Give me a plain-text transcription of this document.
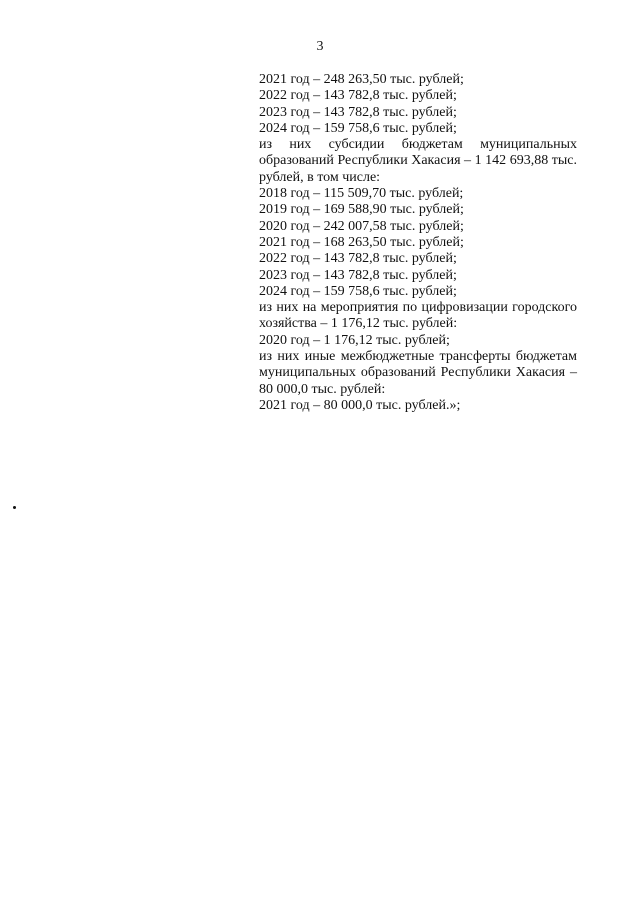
3
2021 год – 248 263,50 тыс. рублей;
2022 год – 143 782,8 тыс. рублей;
2023 год – 143 782,8 тыс. рублей;
2024 год – 159 758,6 тыс. рублей;
из них субсидии бюджетам муниципальных образований Республики Хакасия – 1 142 693,88 тыс. рублей, в том числе:
2018 год – 115 509,70 тыс. рублей;
2019 год – 169 588,90 тыс. рублей;
2020 год – 242 007,58 тыс. рублей;
2021 год – 168 263,50 тыс. рублей;
2022 год – 143 782,8 тыс. рублей;
2023 год – 143 782,8 тыс. рублей;
2024 год – 159 758,6 тыс. рублей;
из них на мероприятия по цифровизации городского хозяйства – 1 176,12 тыс. рублей:
2020 год – 1 176,12 тыс. рублей;
из них иные межбюджетные трансферты бюджетам муниципальных образований Республики Хакасия – 80 000,0 тыс. рублей:
2021 год – 80 000,0 тыс. рублей.»;
